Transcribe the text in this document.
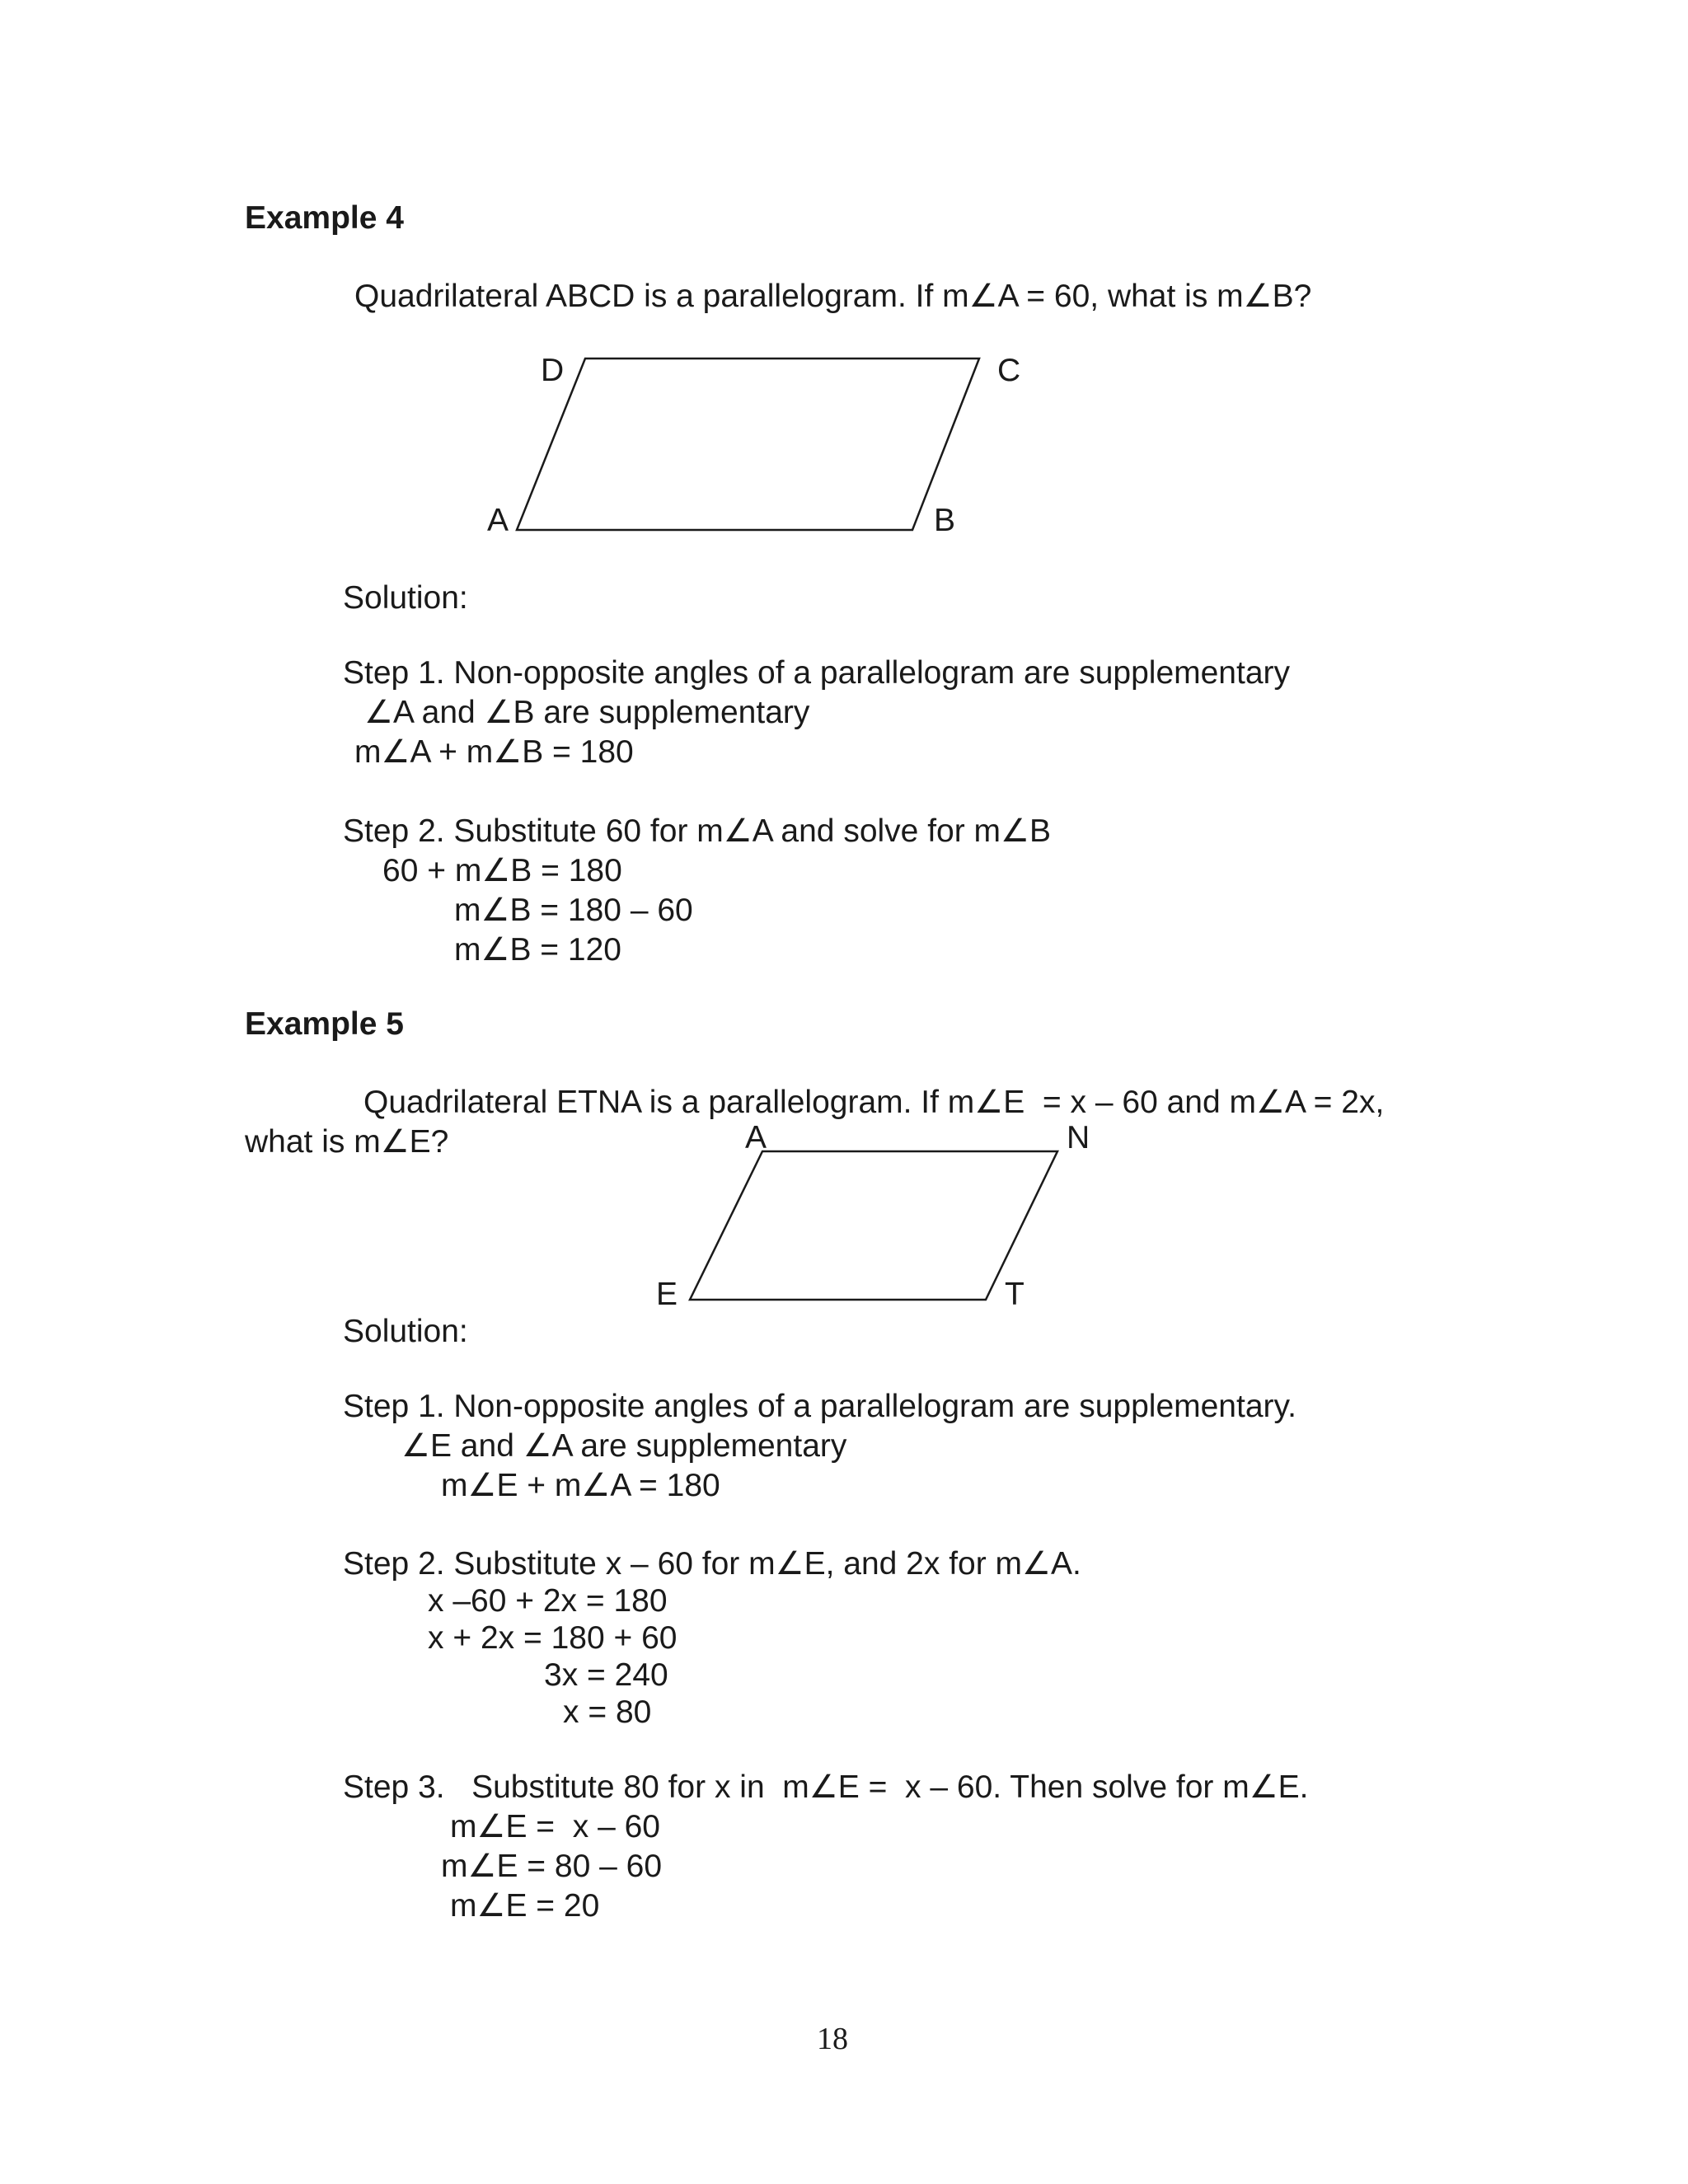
Example 4
Quadrilateral ABCD is a parallelogram. If m∠A = 60, what is m∠B?
D	C
A	B
Solution:
Step 1. Non-opposite angles of a parallelogram are supplementary
∠A and ∠B are supplementary
m∠A + m∠B = 180
Step 2. Substitute 60 for m∠A and solve for m∠B
60 + m∠B = 180
m∠B = 180 – 60
m∠B = 120
Example 5
Quadrilateral ETNA is a parallelogram. If m∠E  = x – 60 and m∠A = 2x,
what is m∠E?	A	N
E	T
Solution:
Step 1. Non-opposite angles of a parallelogram are supplementary.
∠E and ∠A are supplementary
m∠E + m∠A = 180
Step 2. Substitute x – 60 for m∠E, and 2x for m∠A.
x –60 + 2x = 180
x + 2x = 180 + 60
3x = 240
x = 80
Step 3.   Substitute 80 for x in  m∠E =  x – 60. Then solve for m∠E.
m∠E =  x – 60
m∠E = 80 – 60
m∠E = 20
18
